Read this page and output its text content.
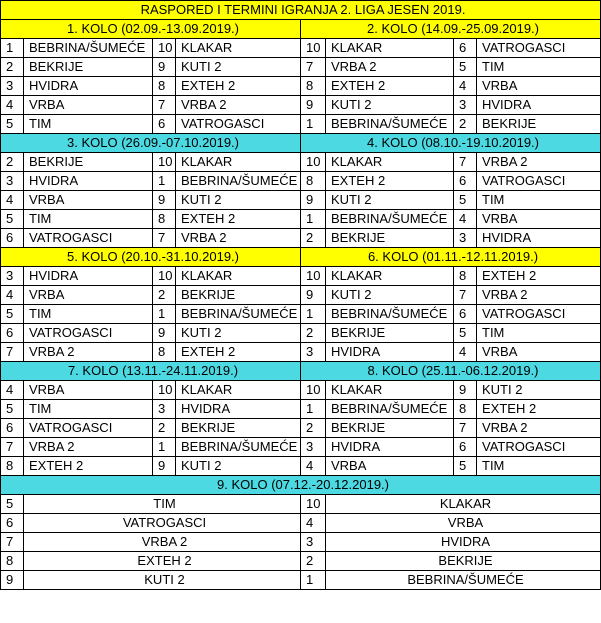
RASPORED I TERMINI IGRANJA 2. LIGA JESEN 2019.							
1. KOLO (02.09.-13.09.2019.)				2. KOLO (14.09.-25.09.2019.)			
1	BEBRINA/ŠUMEĆE	10	KLAKAR	10	KLAKAR	6	VATROGASCI
2	BEKRIJE	9	KUTI 2	7	VRBA 2	5	TIM
3	HVIDRA	8	EXTEH 2	8	EXTEH 2	4	VRBA
4	VRBA	7	VRBA 2	9	KUTI 2	3	HVIDRA
5	TIM	6	VATROGASCI	1	BEBRINA/ŠUMEĆE	2	BEKRIJE
3. KOLO (26.09.-07.10.2019.)				4. KOLO (08.10.-19.10.2019.)			
2	BEKRIJE	10	KLAKAR	10	KLAKAR	7	VRBA 2
3	HVIDRA	1	BEBRINA/ŠUMEĆE	8	EXTEH 2	6	VATROGASCI
4	VRBA	9	KUTI 2	9	KUTI 2	5	TIM
5	TIM	8	EXTEH 2	1	BEBRINA/ŠUMEĆE	4	VRBA
6	VATROGASCI	7	VRBA 2	2	BEKRIJE	3	HVIDRA
5. KOLO (20.10.-31.10.2019.)				6. KOLO (01.11.-12.11.2019.)			
3	HVIDRA	10	KLAKAR	10	KLAKAR	8	EXTEH 2
4	VRBA	2	BEKRIJE	9	KUTI 2	7	VRBA 2
5	TIM	1	BEBRINA/ŠUMEĆE	1	BEBRINA/ŠUMEĆE	6	VATROGASCI
6	VATROGASCI	9	KUTI 2	2	BEKRIJE	5	TIM
7	VRBA 2	8	EXTEH 2	3	HVIDRA	4	VRBA
7. KOLO (13.11.-24.11.2019.)				8. KOLO (25.11.-06.12.2019.)			
4	VRBA	10	KLAKAR	10	KLAKAR	9	KUTI 2
5	TIM	3	HVIDRA	1	BEBRINA/ŠUMEĆE	8	EXTEH 2
6	VATROGASCI	2	BEKRIJE	2	BEKRIJE	7	VRBA 2
7	VRBA 2	1	BEBRINA/ŠUMEĆE	3	HVIDRA	6	VATROGASCI
8	EXTEH 2	9	KUTI 2	4	VRBA	5	TIM
9. KOLO (07.12.-20.12.2019.)							
5	TIM			10	KLAKAR		
6	VATROGASCI			4	VRBA		
7	VRBA 2			3	HVIDRA		
8	EXTEH 2			2	BEKRIJE		
9	KUTI 2			1	BEBRINA/ŠUMEĆE		
